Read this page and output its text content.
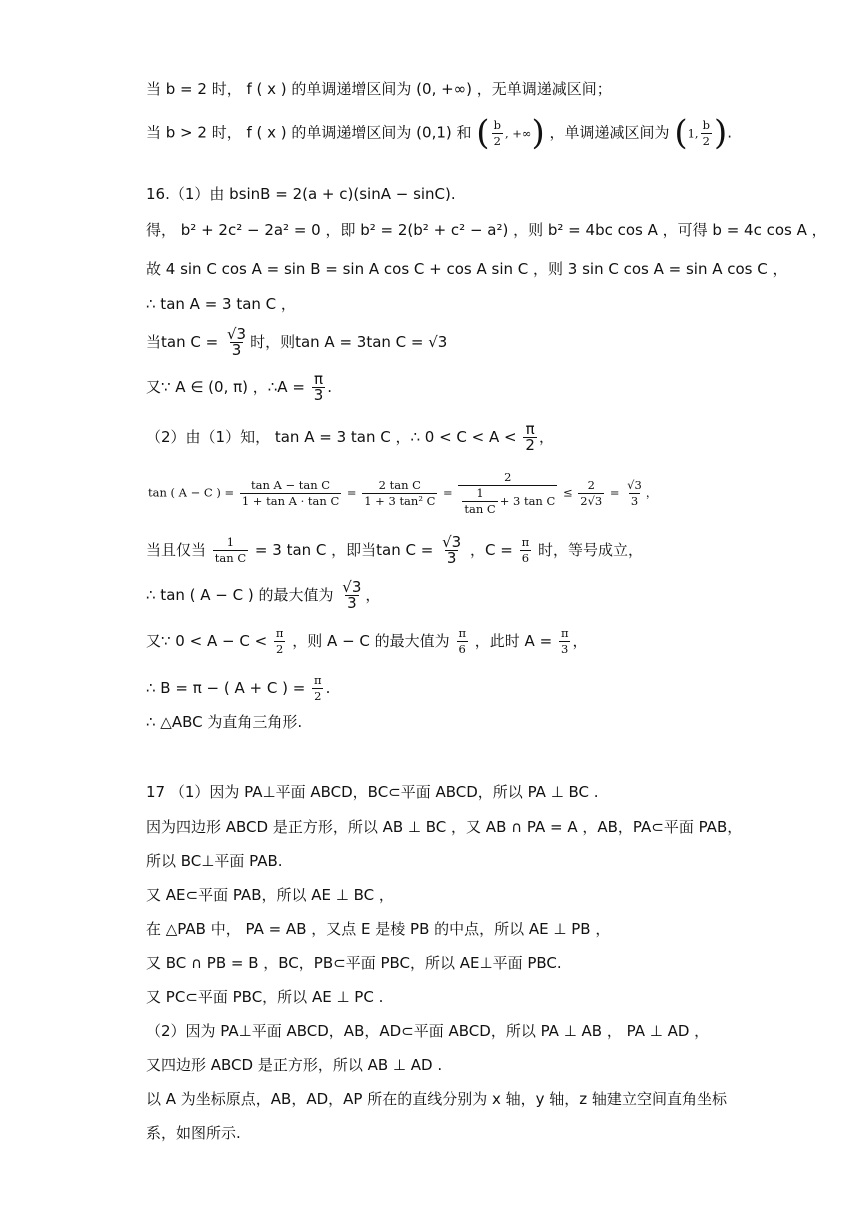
当 b = 2 时， f ( x ) 的单调递增区间为 (0, +∞) ，无单调递减区间；
当 b > 2 时， f ( x ) 的单调递增区间为 (0,1) 和 ( $\frac{b}{2}$ , +∞) ，单调递减区间为 (1, $\frac{b}{2}$ ).
16.（1）由 bsinB = 2(a + c)(sinA − sinC).
得， b² + 2c² − 2a² = 0 ，即 b² = 2(b² + c² − a²) ，则 b² = 4bc cos A ，可得 b = 4c cos A ，
故 4 sin C cos A = sin B = sin A cos C + cos A sin C ，则 3 sin C cos A = sin A cos C ，
∴ tan A = 3 tan C ，
当$\tan C = \frac{√3}{3}$ 时，则tan A = 3tan C = √3
又∵ A ∈ (0, π) ，∴A = $\frac{\pi}{3}$ .
（2）由（1）知， tan A = 3 tan C ，∴ $0 < C < A < \frac{\pi}{2}$ ，
tan ( A − C ) = $\frac{\text{tan A − tan C}}{\text{1 + tan A · tan C}} = \frac{\text{2 tan C}}{\text{1 + 3 tan² C}} = \frac{2}{\frac{1}{\text{tan C}} + 3 \tan C} \le \frac{2}{2√3} = \frac{√3}{3}$ ，
当且仅当 $\frac{1}{\text{tan C}} = 3$ tan C ，即当$\tan C = \frac{√3}{3}$ ，$C = \frac{\pi}{6}$ 时，等号成立，
∴ tan ( A − C ) 的最大值为 $\frac{√3}{3}$ ，
又∵ $0 < A - C < \frac{\pi}{2}$ ，则 A − C 的最大值为 $\frac{\pi}{6}$ ，此时 $A = \frac{\pi}{3}$ ，
∴ B = π − ( A + C ) = $\frac{\pi}{2}$ .
∴ △ABC 为直角三角形.
17 （1）因为 PA⊥平面 ABCD，BC⊂平面 ABCD，所以 PA ⊥ BC .
因为四边形 ABCD 是正方形，所以 AB ⊥ BC ，又 AB ∩ PA = A ，AB，PA⊂平面 PAB，
所以 BC⊥平面 PAB.
又 AE⊂平面 PAB，所以 AE ⊥ BC ，
在 △PAB 中， PA = AB ，又点 E 是棱 PB 的中点，所以 AE ⊥ PB ，
又 BC ∩ PB = B ，BC，PB⊂平面 PBC，所以 AE⊥平面 PBC.
又 PC⊂平面 PBC，所以 AE ⊥ PC .
（2）因为 PA⊥平面 ABCD，AB，AD⊂平面 ABCD，所以 PA ⊥ AB ， PA ⊥ AD ，
又四边形 ABCD 是正方形，所以 AB ⊥ AD .
以 A 为坐标原点，AB，AD，AP 所在的直线分别为 x 轴，y 轴，z 轴建立空间直角坐标
系，如图所示.
